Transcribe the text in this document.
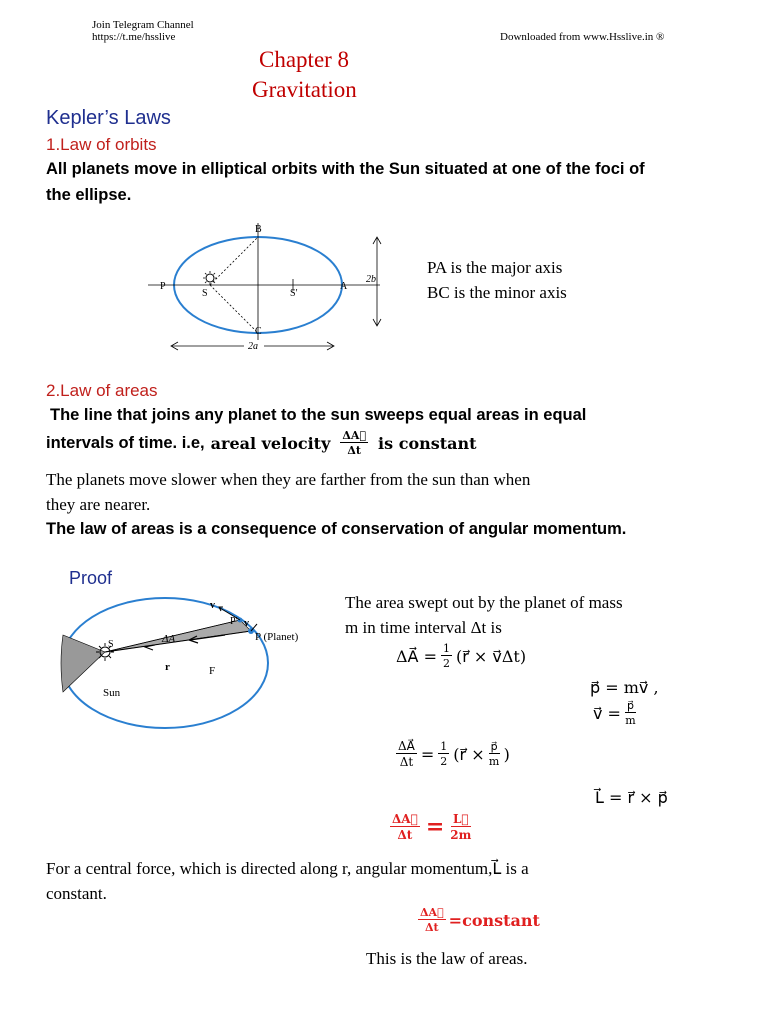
Join Telegram Channel
https://t.me/hsslive	Downloaded from www.Hsslive.in ®
Chapter 8
Gravitation
Kepler’s Laws
1.Law of orbits
All planets move in elliptical orbits with the Sun situated at one of the foci of
the ellipse.
B
C
P
S	S′
A
2b
2a
PA is the major axis
BC is the minor axis
2.Law of areas
The line that joins any planet to the sun sweeps equal areas in equal
intervals of time. i.e, areal velocity $\frac{\Delta A⃗}{\Delta t}$ is constant
The planets move slower when they are farther from the sun than when
they are nearer.
The law of areas is a consequence of conservation of angular momentum.
Proof
v
v
P′
P (Planet)
S	ΔA
r	F
Sun
The area swept out by the planet of mass
m in time interval Δt is
ΔA⃗ = $\frac{1}{2}$ (r⃗ × v⃗Δt)
p⃗ = mv⃗ ,
v⃗ = $\frac{p⃗}{m}$
$\frac{\Delta A⃗}{\Delta t} = \frac{1}{2}$ (r⃗ × $\frac{p⃗}{m}$ )
L⃗ = r⃗ × p⃗
$\frac{\Delta A⃗}{\Delta t} = \frac{L⃗}{2m}$
For a central force, which is directed along r, angular momentum,L⃗ is a
constant.
$\frac{\Delta A⃗}{\Delta t}$ =constant
This is the law of areas.
